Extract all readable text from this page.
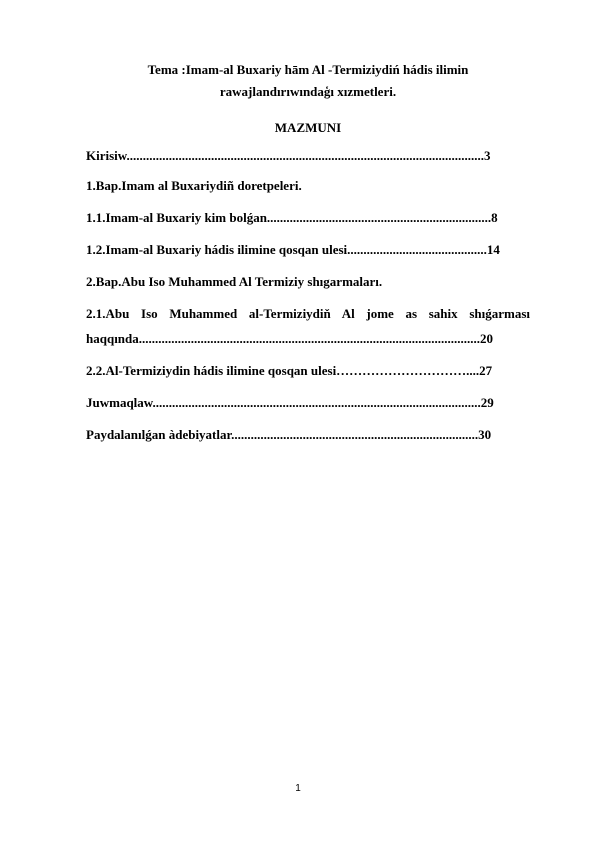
Tema :Imam-al Buxariy hām Al -Termiziydiń hádis ilimin
rawajlandırıwındaģı xızmetleri.
MAZMUNI
Kirisiw..............................................................................................................3
1.Bap.Imam al Buxariydiñ doretpeleri.
1.1.Imam-al Buxariy kim bolǵan.....................................................................8
1.2.Imam-al Buxariy hádis ilimine qosqan ulesi...........................................14
2.Bap.Abu Iso Muhammed Al Termiziy shıgarmaları.
2.1.Abu Iso Muhammed al-Termiziydiň Al jome as sahix shıǵarması
haqqında.........................................................................................................20
2.2.Al-Termiziydin hádis ilimine qosqan ulesi…………………………....27
Juwmaqlaw.....................................................................................................29
Paydalanılǵan àdebiyatlar............................................................................30
1
